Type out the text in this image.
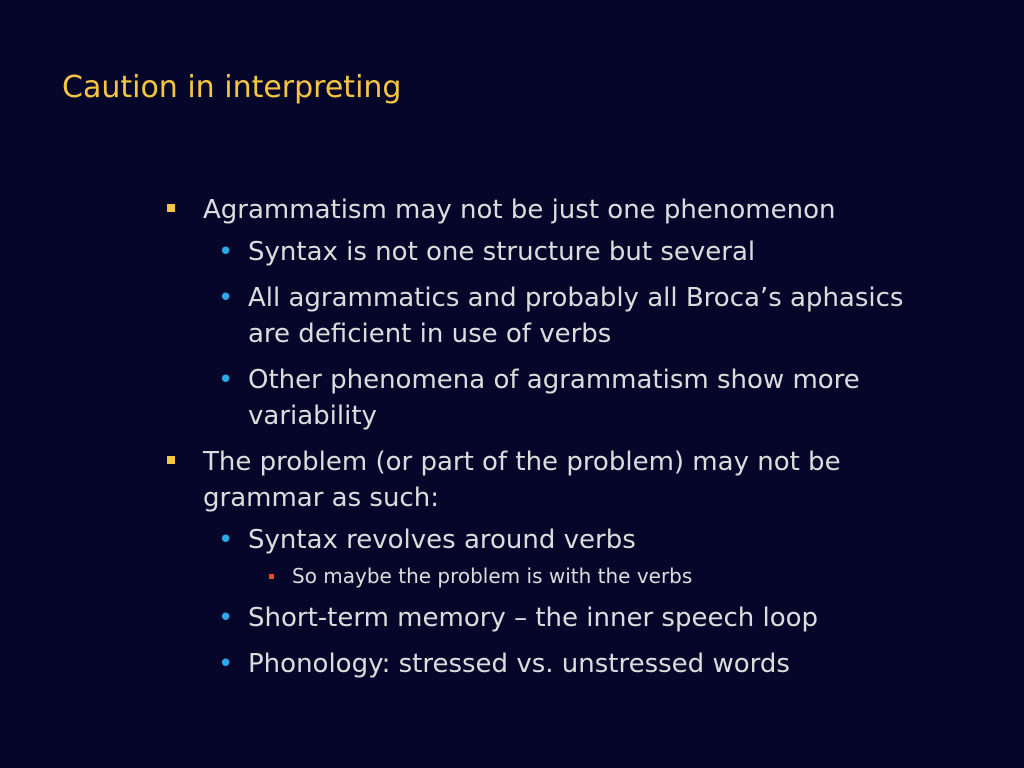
Caution in interpreting
Agrammatism may not be just one phenomenon
• Syntax is not one structure but several
• All agrammatics and probably all Broca’s aphasics are deficient in use of verbs
• Other phenomena of agrammatism show more variability
The problem (or part of the problem) may not be grammar as such:
• Syntax revolves around verbs
So maybe the problem is with the verbs
• Short-term memory – the inner speech loop
• Phonology: stressed vs. unstressed words
